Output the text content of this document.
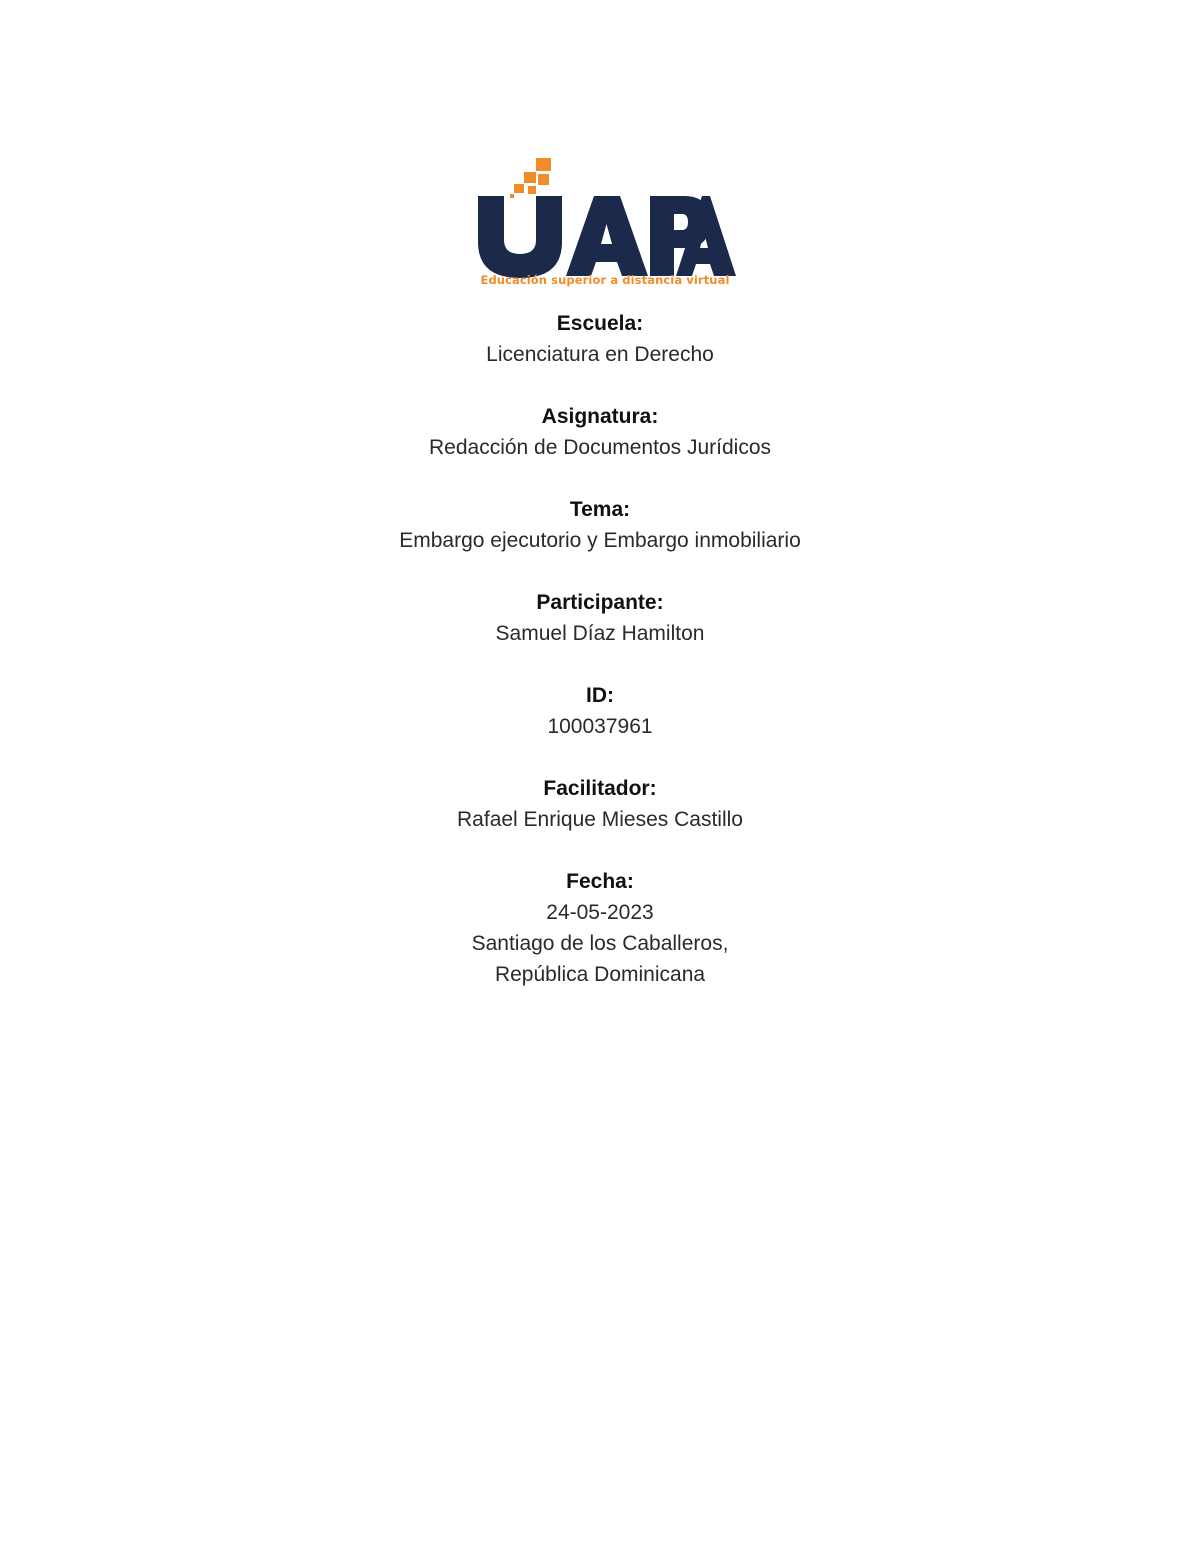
Educación superior a distancia virtual
Escuela:
Licenciatura en Derecho
Asignatura:
Redacción de Documentos Jurídicos
Tema:
Embargo ejecutorio y Embargo inmobiliario
Participante:
Samuel Díaz Hamilton
ID:
100037961
Facilitador:
Rafael Enrique Mieses Castillo
Fecha:
24-05-2023
Santiago de los Caballeros,
República Dominicana
